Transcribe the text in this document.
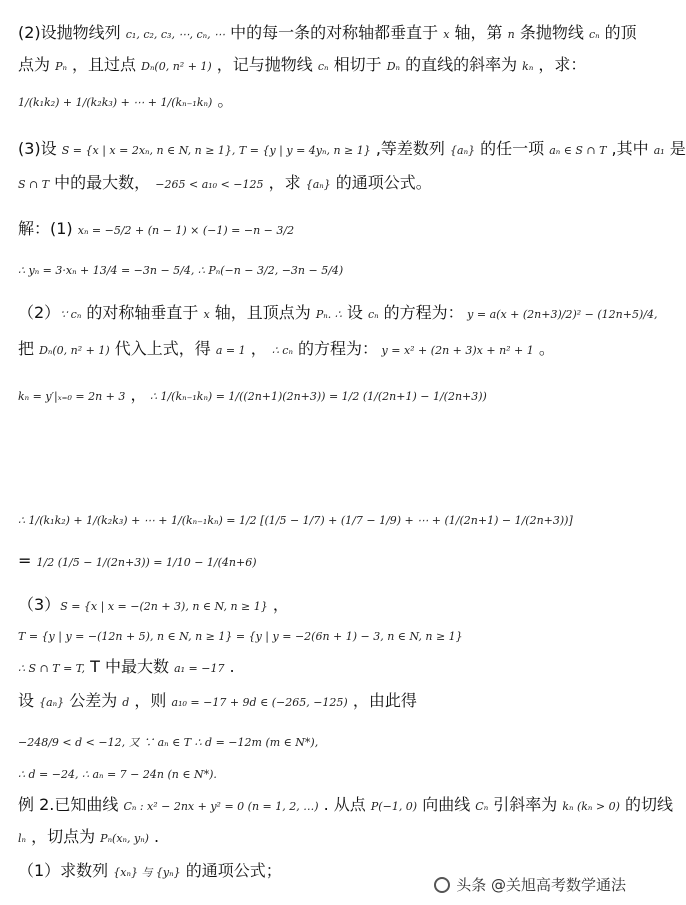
(2)设抛物线列 c₁, c₂, c₃, ⋯, cₙ, ⋯ 中的每一条的对称轴都垂直于 x 轴，第 n 条抛物线 cₙ 的顶
点为 Pₙ ，且过点 Dₙ(0, n² + 1) ，记与抛物线 cₙ 相切于 Dₙ 的直线的斜率为 kₙ ，求：
1/(k₁k₂) + 1/(k₂k₃) + ⋯ + 1/(kₙ₋₁kₙ) 。
(3)设 S = {x | x = 2xₙ, n ∈ N, n ≥ 1}, T = {y | y = 4yₙ, n ≥ 1} ,等差数列 {aₙ} 的任一项 aₙ ∈ S ∩ T ,其中 a₁ 是
S ∩ T 中的最大数， −265 < a₁₀ < −125 ，求 {aₙ} 的通项公式。
解：(1) xₙ = −5/2 + (n − 1) × (−1) = −n − 3/2
∴ yₙ = 3·xₙ + 13/4 = −3n − 5/4, ∴ Pₙ(−n − 3/2, −3n − 5/4)
（2）∵ cₙ 的对称轴垂直于 x 轴，且顶点为 Pₙ. ∴ 设 cₙ 的方程为： y = a(x + (2n+3)/2)² − (12n+5)/4,
把 Dₙ(0, n² + 1) 代入上式，得 a = 1 ， ∴ cₙ 的方程为： y = x² + (2n + 3)x + n² + 1 。
kₙ = y′|ₓ₌₀ = 2n + 3 ， ∴ 1/(kₙ₋₁kₙ) = 1/((2n+1)(2n+3)) = 1/2 (1/(2n+1) − 1/(2n+3))
∴ 1/(k₁k₂) + 1/(k₂k₃) + ⋯ + 1/(kₙ₋₁kₙ) = 1/2 [(1/5 − 1/7) + (1/7 − 1/9) + ⋯ + (1/(2n+1) − 1/(2n+3))]
= 1/2 (1/5 − 1/(2n+3)) = 1/10 − 1/(4n+6)
（3）S = {x | x = −(2n + 3), n ∈ N, n ≥ 1} ，
T = {y | y = −(12n + 5), n ∈ N, n ≥ 1} = {y | y = −2(6n + 1) − 3, n ∈ N, n ≥ 1}
∴ S ∩ T = T, T 中最大数 a₁ = −17 .
设 {aₙ} 公差为 d ，则 a₁₀ = −17 + 9d ∈ (−265, −125) ，由此得
−248/9 < d < −12, 又 ∵ aₙ ∈ T ∴ d = −12m (m ∈ N*),
∴ d = −24, ∴ aₙ = 7 − 24n (n ∈ N*).
例 2.已知曲线 Cₙ : x² − 2nx + y² = 0 (n = 1, 2, …) . 从点 P(−1, 0) 向曲线 Cₙ 引斜率为 kₙ (kₙ > 0) 的切线
lₙ ，切点为 Pₙ(xₙ, yₙ) .
（1）求数列 {xₙ} 与 {yₙ} 的通项公式；
头条 @关旭高考数学通法
